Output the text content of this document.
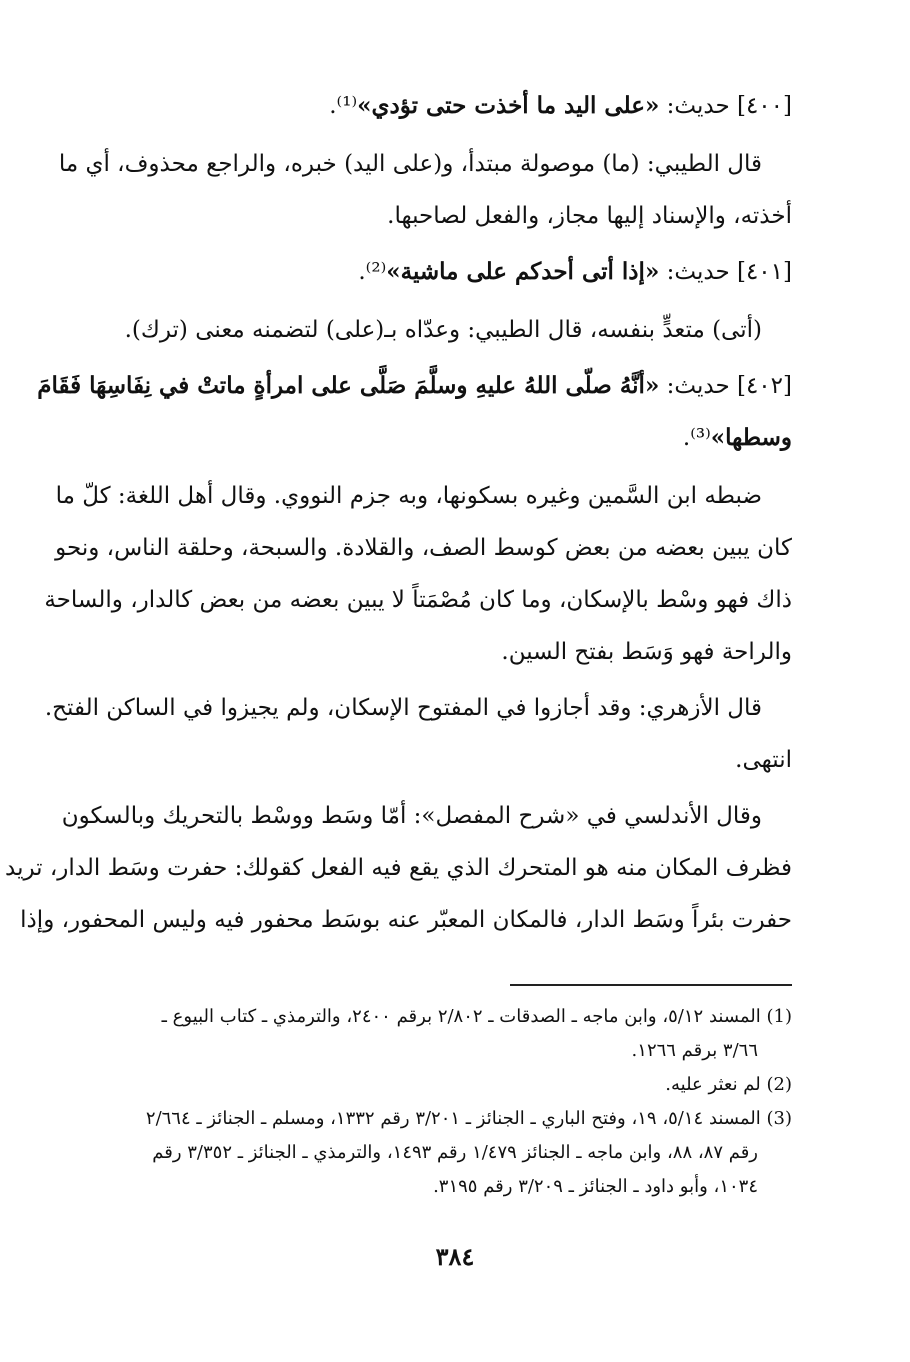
[٤٠٠] حديث: «على اليد ما أخذت حتى تؤدي»⁽¹⁾.
قال الطيبي: (ما) موصولة مبتدأ، و(على اليد) خبره، والراجع محذوف، أي ما
أخذته، والإسناد إليها مجاز، والفعل لصاحبها.
[٤٠١] حديث: «إذا أتى أحدكم على ماشية»⁽²⁾.
(أتى) متعدٍّ بنفسه، قال الطيبي: وعدّاه بـ(على) لتضمنه معنى (ترك).
[٤٠٢] حديث: «أنَّهُ صلّى اللهُ عليهِ وسلَّمَ صَلَّى على امرأةٍ ماتتْ في نِفَاسِهَا فَقَامَ
وسطها»⁽³⁾.
ضبطه ابن السَّمين وغيره بسكونها، وبه جزم النووي. وقال أهل اللغة: كلّ ما
كان يبين بعضه من بعض كوسط الصف، والقلادة. والسبحة، وحلقة الناس، ونحو
ذاك فهو وسْط بالإسكان، وما كان مُصْمَتاً لا يبين بعضه من بعض كالدار، والساحة
والراحة فهو وَسَط بفتح السين.
قال الأزهري: وقد أجازوا في المفتوح الإسكان، ولم يجيزوا في الساكن الفتح.
انتهى.
وقال الأندلسي في «شرح المفصل»: أمّا وسَط ووسْط بالتحريك وبالسكون
فظرف المكان منه هو المتحرك الذي يقع فيه الفعل كقولك: حفرت وسَط الدار، تريد
حفرت بئراً وسَط الدار، فالمكان المعبّر عنه بوسَط محفور فيه وليس المحفور، وإذا
(1) المسند ٥/١٢، وابن ماجه ـ الصدقات ـ ٢/٨٠٢ برقم ٢٤٠٠، والترمذي ـ كتاب البيوع ـ
٣/٦٦ برقم ١٢٦٦.
(2) لم نعثر عليه.
(3) المسند ٥/١٤، ١٩، وفتح الباري ـ الجنائز ـ ٣/٢٠١ رقم ١٣٣٢، ومسلم ـ الجنائز ـ ٢/٦٦٤
رقم ٨٧، ٨٨، وابن ماجه ـ الجنائز ١/٤٧٩ رقم ١٤٩٣، والترمذي ـ الجنائز ـ ٣/٣٥٢ رقم
١٠٣٤، وأبو داود ـ الجنائز ـ ٣/٢٠٩ رقم ٣١٩٥.
٣٨٤
